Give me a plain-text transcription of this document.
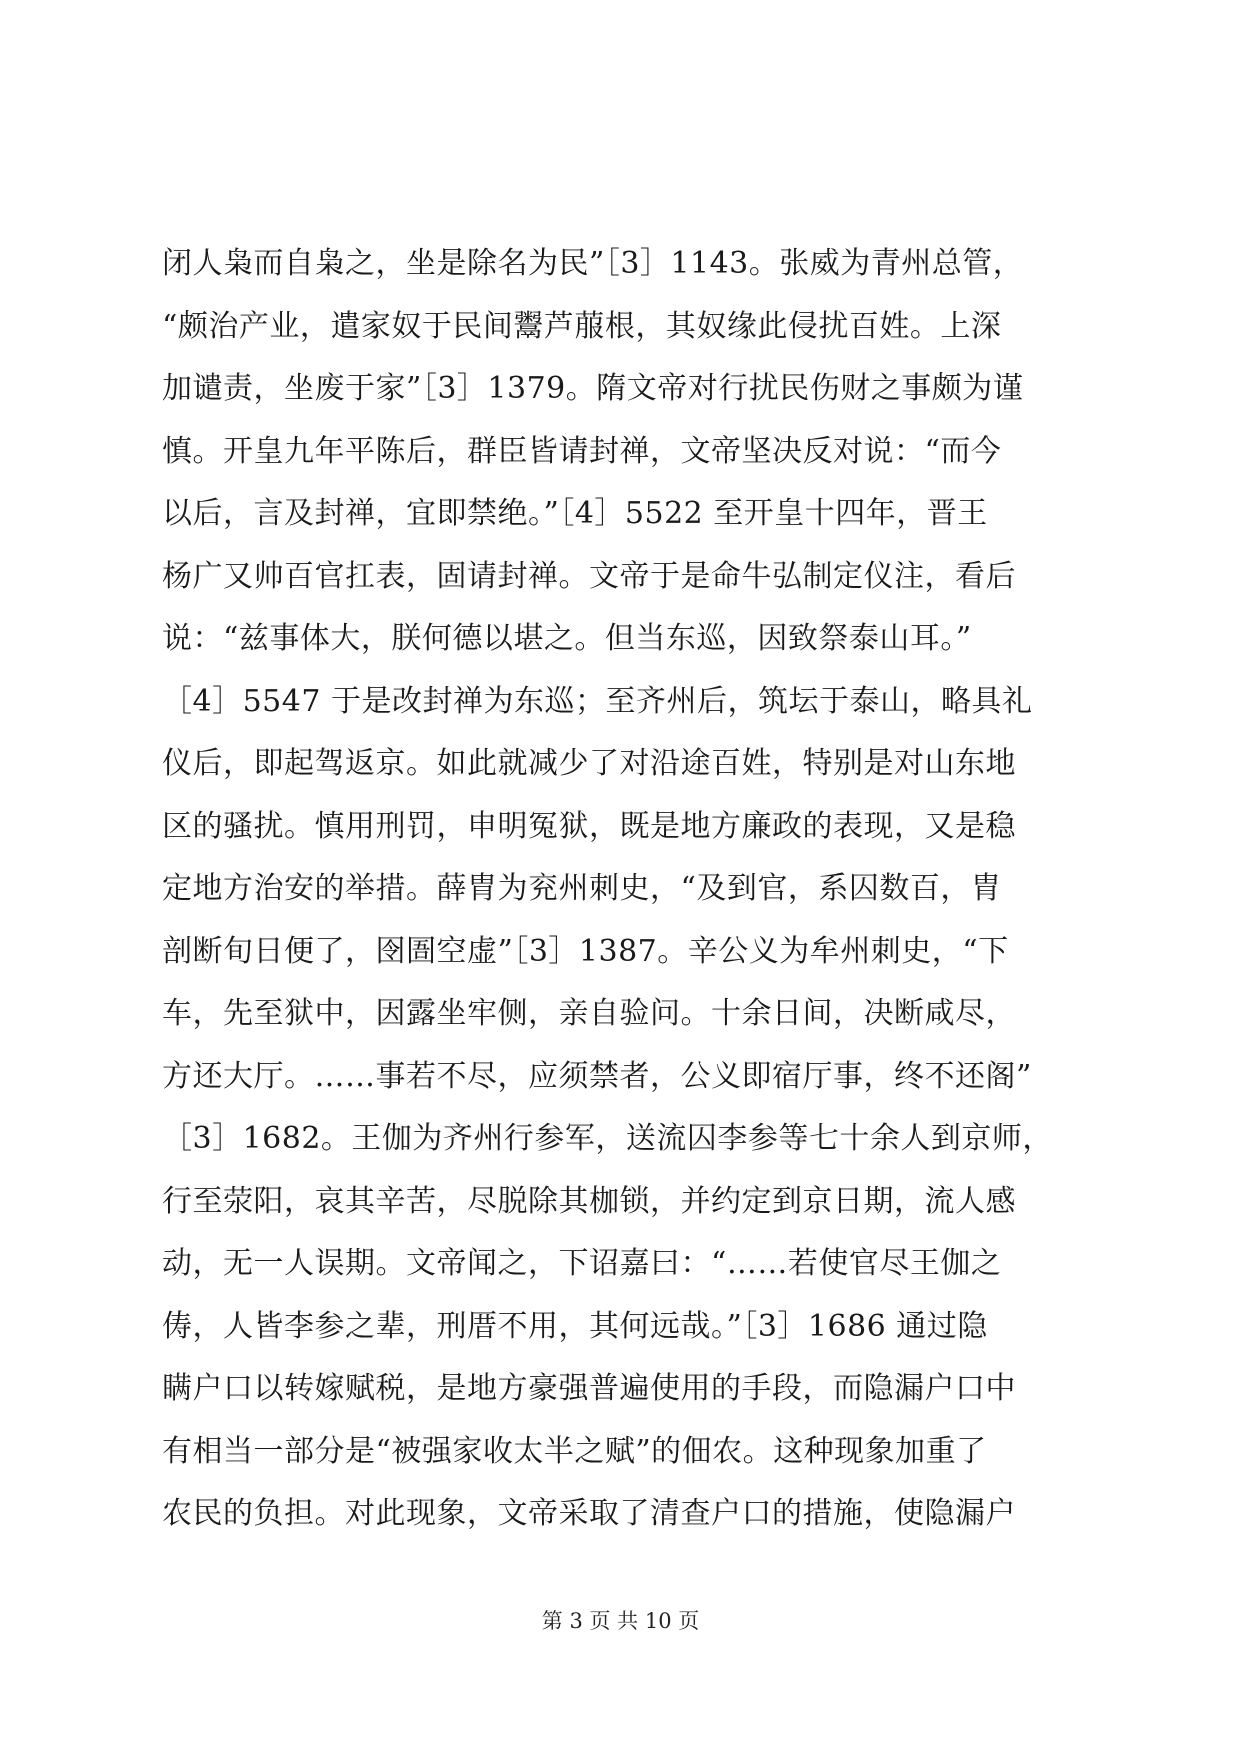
闭人枭而自枭之，坐是除名为民”［3］1143。张威为青州总管，
“颇治产业，遣家奴于民间鬻芦菔根，其奴缘此侵扰百姓。上深
加谴责，坐废于家”［3］1379。隋文帝对行扰民伤财之事颇为谨
慎。开皇九年平陈后，群臣皆请封禅，文帝坚决反对说：“而今
以后，言及封禅，宜即禁绝。”［4］5522 至开皇十四年，晋王
杨广又帅百官扛表，固请封禅。文帝于是命牛弘制定仪注，看后
说：“兹事体大，朕何德以堪之。但当东巡，因致祭泰山耳。”
［4］5547 于是改封禅为东巡；至齐州后，筑坛于泰山，略具礼
仪后，即起驾返京。如此就减少了对沿途百姓，特别是对山东地
区的骚扰。慎用刑罚，申明冤狱，既是地方廉政的表现，又是稳
定地方治安的举措。薛胄为兖州刺史，“及到官，系囚数百，胄
剖断旬日便了，囹圄空虚”［3］1387。辛公义为牟州刺史，“下
车，先至狱中，因露坐牢侧，亲自验问。十余日间，决断咸尽，
方还大厅。……事若不尽，应须禁者，公义即宿厅事，终不还阁”
［3］1682。王伽为齐州行参军，送流囚李参等七十余人到京师，
行至荥阳，哀其辛苦，尽脱除其枷锁，并约定到京日期，流人感
动，无一人误期。文帝闻之，下诏嘉曰：“……若使官尽王伽之
俦，人皆李参之辈，刑厝不用，其何远哉。”［3］1686 通过隐
瞒户口以转嫁赋税，是地方豪强普遍使用的手段，而隐漏户口中
有相当一部分是“被强家收太半之赋”的佃农。这种现象加重了
农民的负担。对此现象，文帝采取了清查户口的措施，使隐漏户
第 3 页 共 10 页
